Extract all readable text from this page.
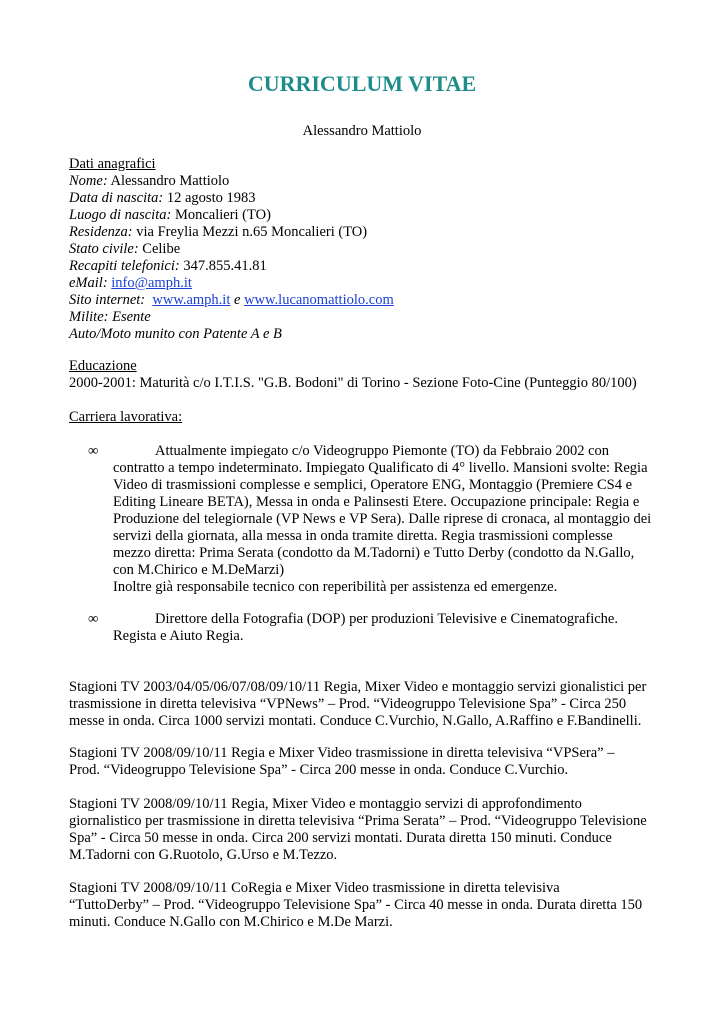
CURRICULUM VITAE
Alessandro Mattiolo

Dati anagrafici

Nome: Alessandro Mattiolo

Data di nascita: 12 agosto 1983

Luogo di nascita: Moncalieri (TO)

Residenza: via Freylia Mezzi n.65 Moncalieri (TO)

Stato civile: Celibe

Recapiti telefonici: 347.855.41.81

eMail: info@amph.it

Sito internet: www.amph.it e www.lucanomattiolo.com

Milite: Esente

Auto/Moto munito con Patente A e B

Educazione

2000-2001: Maturità c/o I.T.I.S. "G.B. Bodoni" di Torino - Sezione Foto-Cine (Punteggio 80/100)

Carriera lavorativa:

∞	Attualmente impiegato c/o Videogruppo Piemonte (TO) da Febbraio 2002 con

contratto a tempo indeterminato. Impiegato Qualificato di 4° livello. Mansioni svolte: Regia

Video di trasmissioni complesse e semplici, Operatore ENG, Montaggio (Premiere CS4 e

Editing Lineare BETA), Messa in onda e Palinsesti Etere. Occupazione principale: Regia e

Produzione del telegiornale (VP News e VP Sera). Dalle riprese di cronaca, al montaggio dei

servizi della giornata, alla messa in onda tramite diretta. Regia trasmissioni complesse

mezzo diretta: Prima Serata (condotto da M.Tadorni) e Tutto Derby (condotto da N.Gallo,

con M.Chirico e M.DeMarzi)

Inoltre già responsabile tecnico con reperibilità per assistenza ed emergenze.

∞	Direttore della Fotografia (DOP) per produzioni Televisive e Cinematografiche.

Regista e Aiuto Regia.

Stagioni TV 2003/04/05/06/07/08/09/10/11 Regia, Mixer Video e montaggio servizi gionalistici per

trasmissione in diretta televisiva “VPNews” – Prod. “Videogruppo Televisione Spa” - Circa 250

messe in onda. Circa 1000 servizi montati. Conduce C.Vurchio, N.Gallo, A.Raffino e F.Bandinelli.

Stagioni TV 2008/09/10/11 Regia e Mixer Video trasmissione in diretta televisiva “VPSera” –

Prod. “Videogruppo Televisione Spa” - Circa 200 messe in onda. Conduce C.Vurchio.

Stagioni TV 2008/09/10/11 Regia, Mixer Video e montaggio servizi di approfondimento

giornalistico per trasmissione in diretta televisiva “Prima Serata” – Prod. “Videogruppo Televisione

Spa” - Circa 50 messe in onda. Circa 200 servizi montati. Durata diretta 150 minuti. Conduce

M.Tadorni con G.Ruotolo, G.Urso e M.Tezzo.

Stagioni TV 2008/09/10/11 CoRegia e Mixer Video trasmissione in diretta televisiva

“TuttoDerby” – Prod. “Videogruppo Televisione Spa” - Circa 40 messe in onda. Durata diretta 150

minuti. Conduce N.Gallo con M.Chirico e M.De Marzi.
